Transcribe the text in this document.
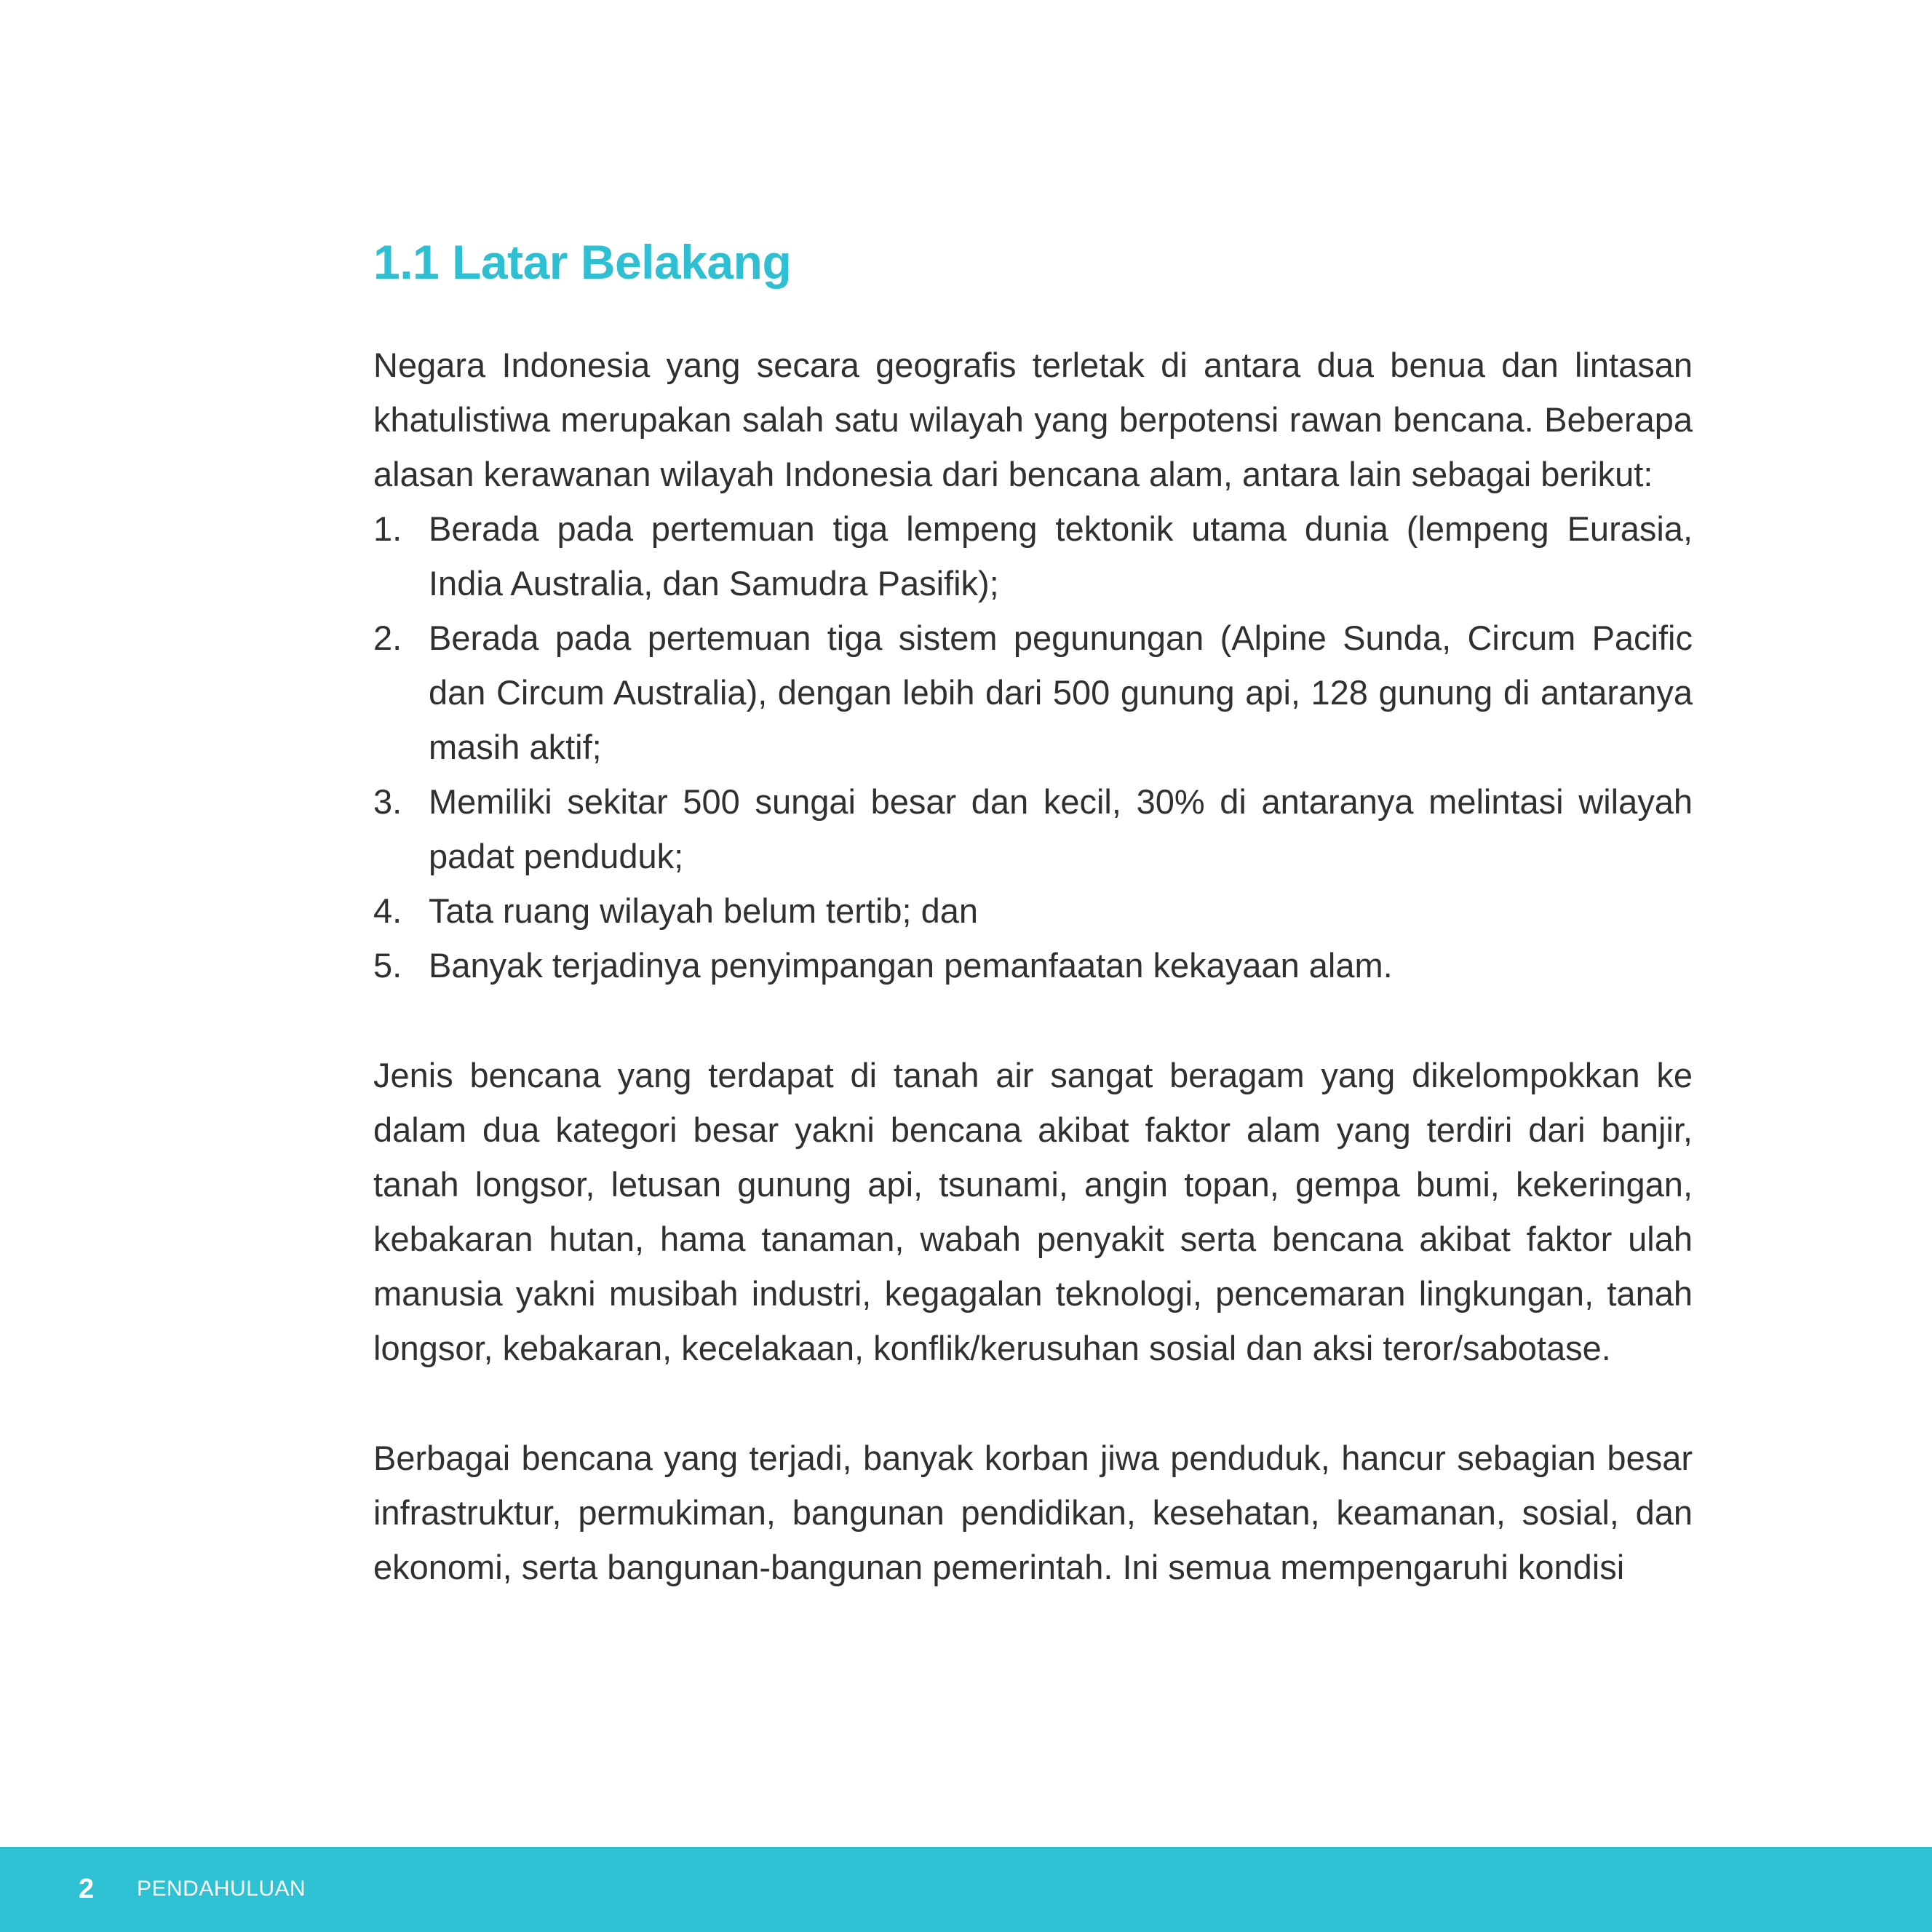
1.1 Latar Belakang

Negara Indonesia yang secara geografis terletak di antara dua benua dan lintasan khatulistiwa merupakan salah satu wilayah yang berpotensi rawan bencana. Beberapa alasan kerawanan wilayah Indonesia dari bencana alam, antara lain sebagai berikut:

1. Berada pada pertemuan tiga lempeng tektonik utama dunia (lempeng Eurasia, India Australia, dan Samudra Pasifik);
2. Berada pada pertemuan tiga sistem pegunungan (Alpine Sunda, Circum Pacific dan Circum Australia), dengan lebih dari 500 gunung api, 128 gunung di antaranya masih aktif;
3. Memiliki sekitar 500 sungai besar dan kecil, 30% di antaranya melintasi wilayah padat penduduk;
4. Tata ruang wilayah belum tertib; dan
5. Banyak terjadinya penyimpangan pemanfaatan kekayaan alam.

Jenis bencana yang terdapat di tanah air sangat beragam yang dikelompokkan ke dalam dua kategori besar yakni bencana akibat faktor alam yang terdiri dari banjir, tanah longsor, letusan gunung api, tsunami, angin topan, gempa bumi, kekeringan, kebakaran hutan, hama tanaman, wabah penyakit serta bencana akibat faktor ulah manusia yakni musibah industri, kegagalan teknologi, pencemaran lingkungan, tanah longsor, kebakaran, kecelakaan, konflik/kerusuhan sosial dan aksi teror/sabotase.

Berbagai bencana yang terjadi, banyak korban jiwa penduduk, hancur sebagian besar infrastruktur, permukiman, bangunan pendidikan, kesehatan, keamanan, sosial, dan ekonomi, serta bangunan-bangunan pemerintah. Ini semua mempengaruhi kondisi

2 PENDAHULUAN
